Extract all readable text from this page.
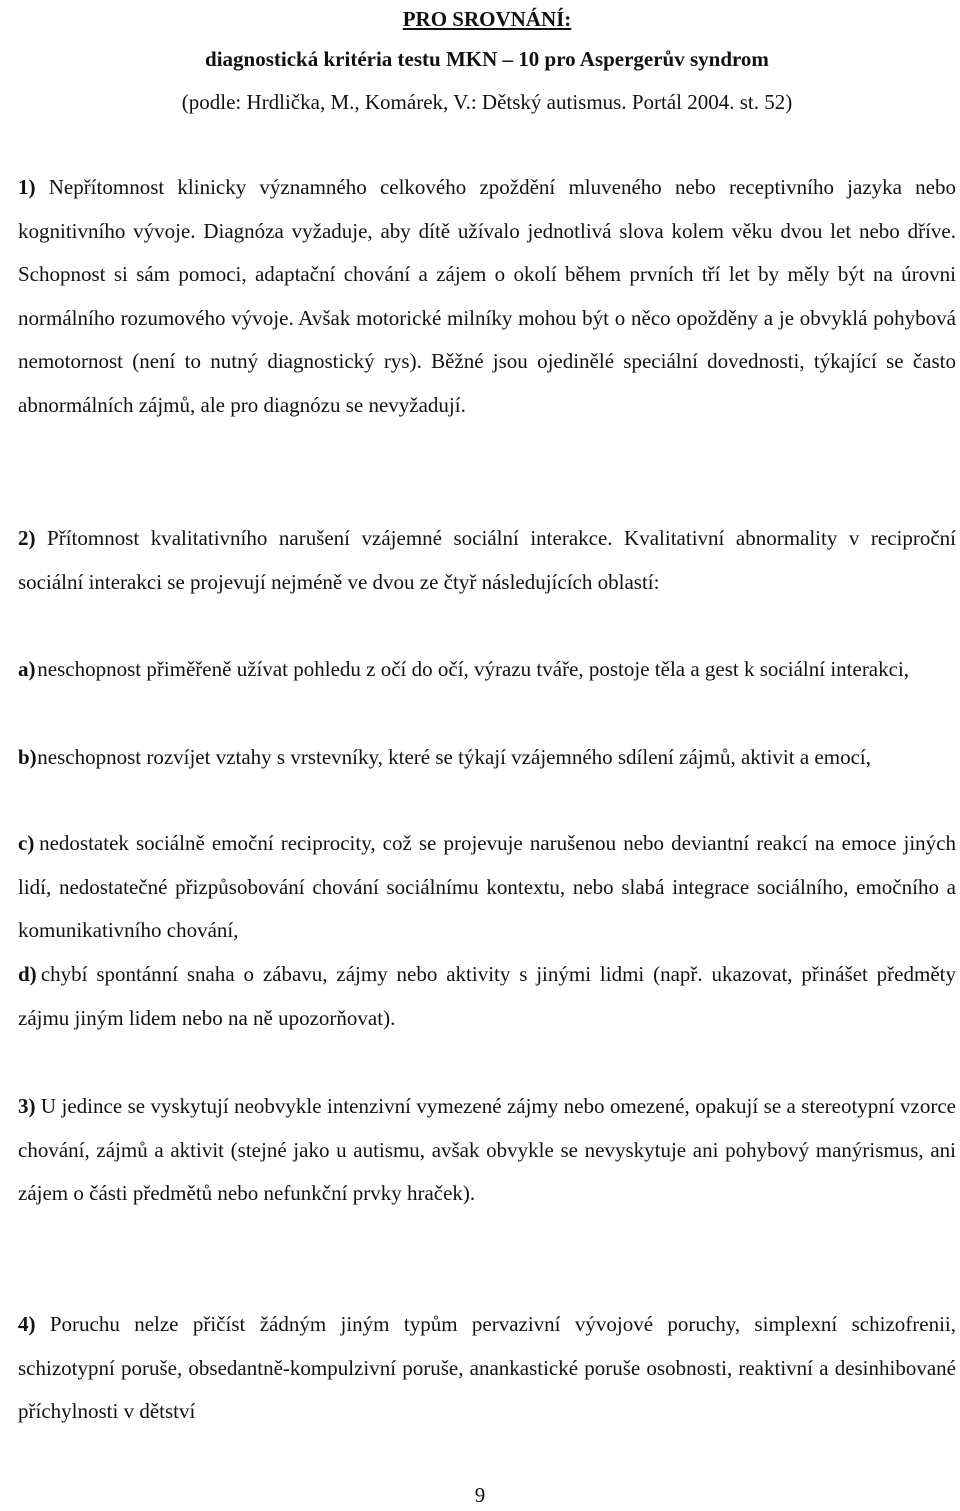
PRO SROVNÁNÍ:
diagnostická kritéria testu MKN – 10 pro Aspergerův syndrom
(podle: Hrdlička, M., Komárek, V.: Dětský autismus. Portál 2004. st. 52)
1) Nepřítomnost klinicky významného celkového zpoždění mluveného nebo receptivního jazyka nebo kognitivního vývoje. Diagnóza vyžaduje, aby dítě užívalo jednotlivá slova kolem věku dvou let nebo dříve. Schopnost si sám pomoci, adaptační chování a zájem o okolí během prvních tří let by měly být na úrovni normálního rozumového vývoje. Avšak motorické milníky mohou být o něco opožděny a je obvyklá pohybová nemotornost (není to nutný diagnostický rys). Běžné jsou ojedinělé speciální dovednosti, týkající se často abnormálních zájmů, ale pro diagnózu se nevyžadují.
2) Přítomnost kvalitativního narušení vzájemné sociální interakce. Kvalitativní abnormality v reciproční sociální interakci se projevují nejméně ve dvou ze čtyř následujících oblastí:
a) neschopnost přiměřeně užívat pohledu z očí do očí, výrazu tváře, postoje těla a gest k sociální interakci,
b) neschopnost rozvíjet vztahy s vrstevníky, které se týkají vzájemného sdílení zájmů, aktivit a emocí,
c) nedostatek sociálně emoční reciprocity, což se projevuje narušenou nebo deviantní reakcí na emoce jiných lidí, nedostatečné přizpůsobování chování sociálnímu kontextu, nebo slabá integrace sociálního, emočního a komunikativního chování,
d) chybí spontánní snaha o zábavu, zájmy nebo aktivity s jinými lidmi (např. ukazovat, přinášet předměty zájmu jiným lidem nebo na ně upozorňovat).
3) U jedince se vyskytují neobvykle intenzivní vymezené zájmy nebo omezené, opakují se a stereotypní vzorce chování, zájmů a aktivit (stejné jako u autismu, avšak obvykle se nevyskytuje ani pohybový manýrismus, ani zájem o části předmětů nebo nefunkční prvky hraček).
4) Poruchu nelze přičíst žádným jiným typům pervazivní vývojové poruchy, simplexní schizofrenii, schizotypní poruše, obsedantně-kompulzivní poruše, anankastické poruše osobnosti, reaktivní a desinhibované příchylnosti v dětství
9
